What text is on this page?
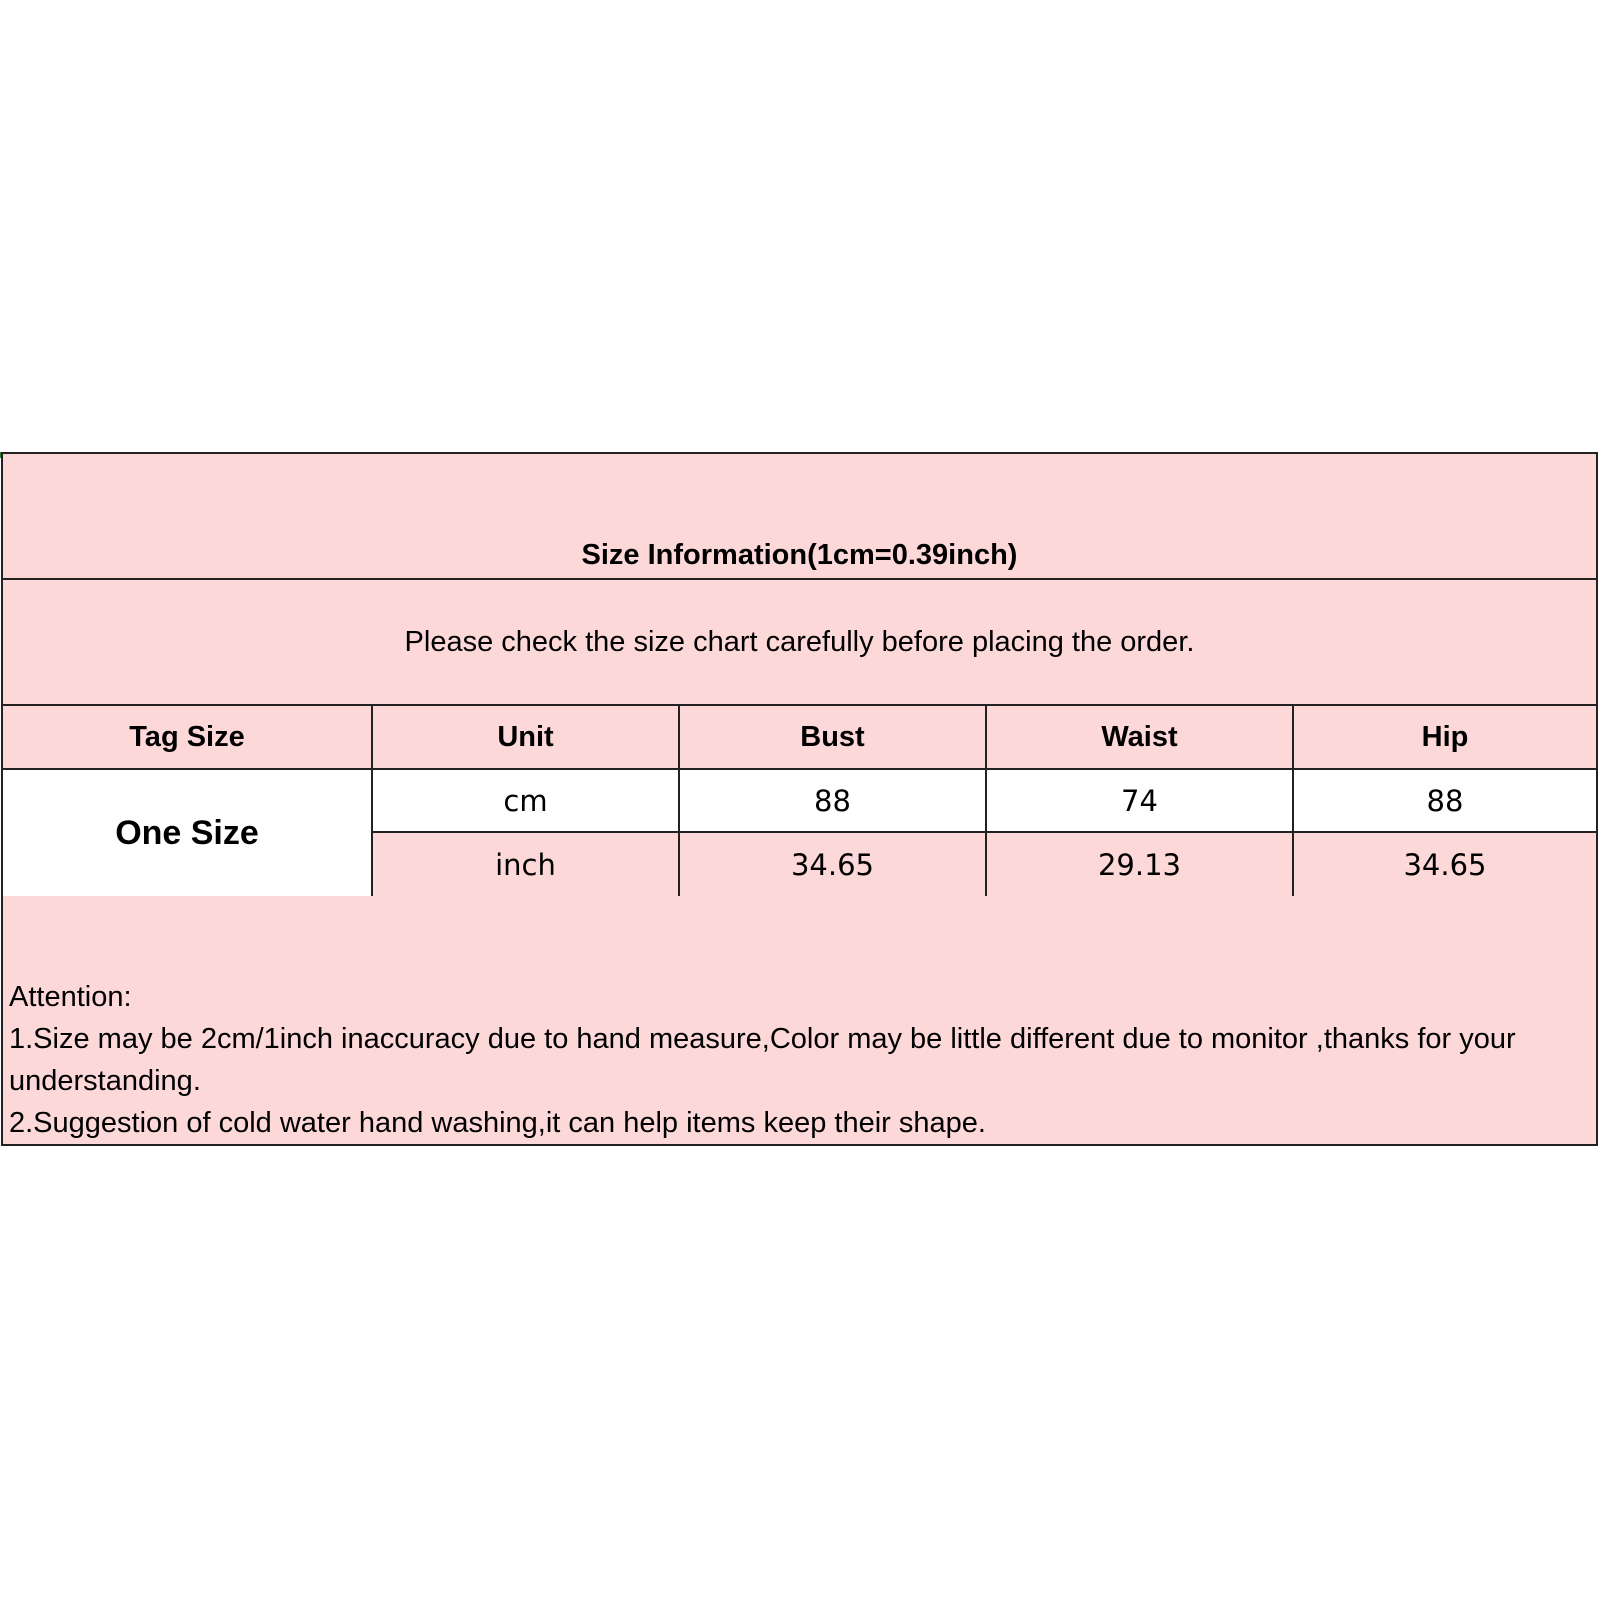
Size Information(1cm=0.39inch)
Please check the size chart carefully before placing the order.
Tag Size	Unit	Bust	Waist	Hip
One Size
cm	88	74	88
inch	34.65	29.13	34.65
Attention:
1.Size may be 2cm/1inch inaccuracy due to hand measure,Color may be little different due to monitor ,thanks for your understanding.
2.Suggestion of cold water hand washing,it can help items keep their shape.
